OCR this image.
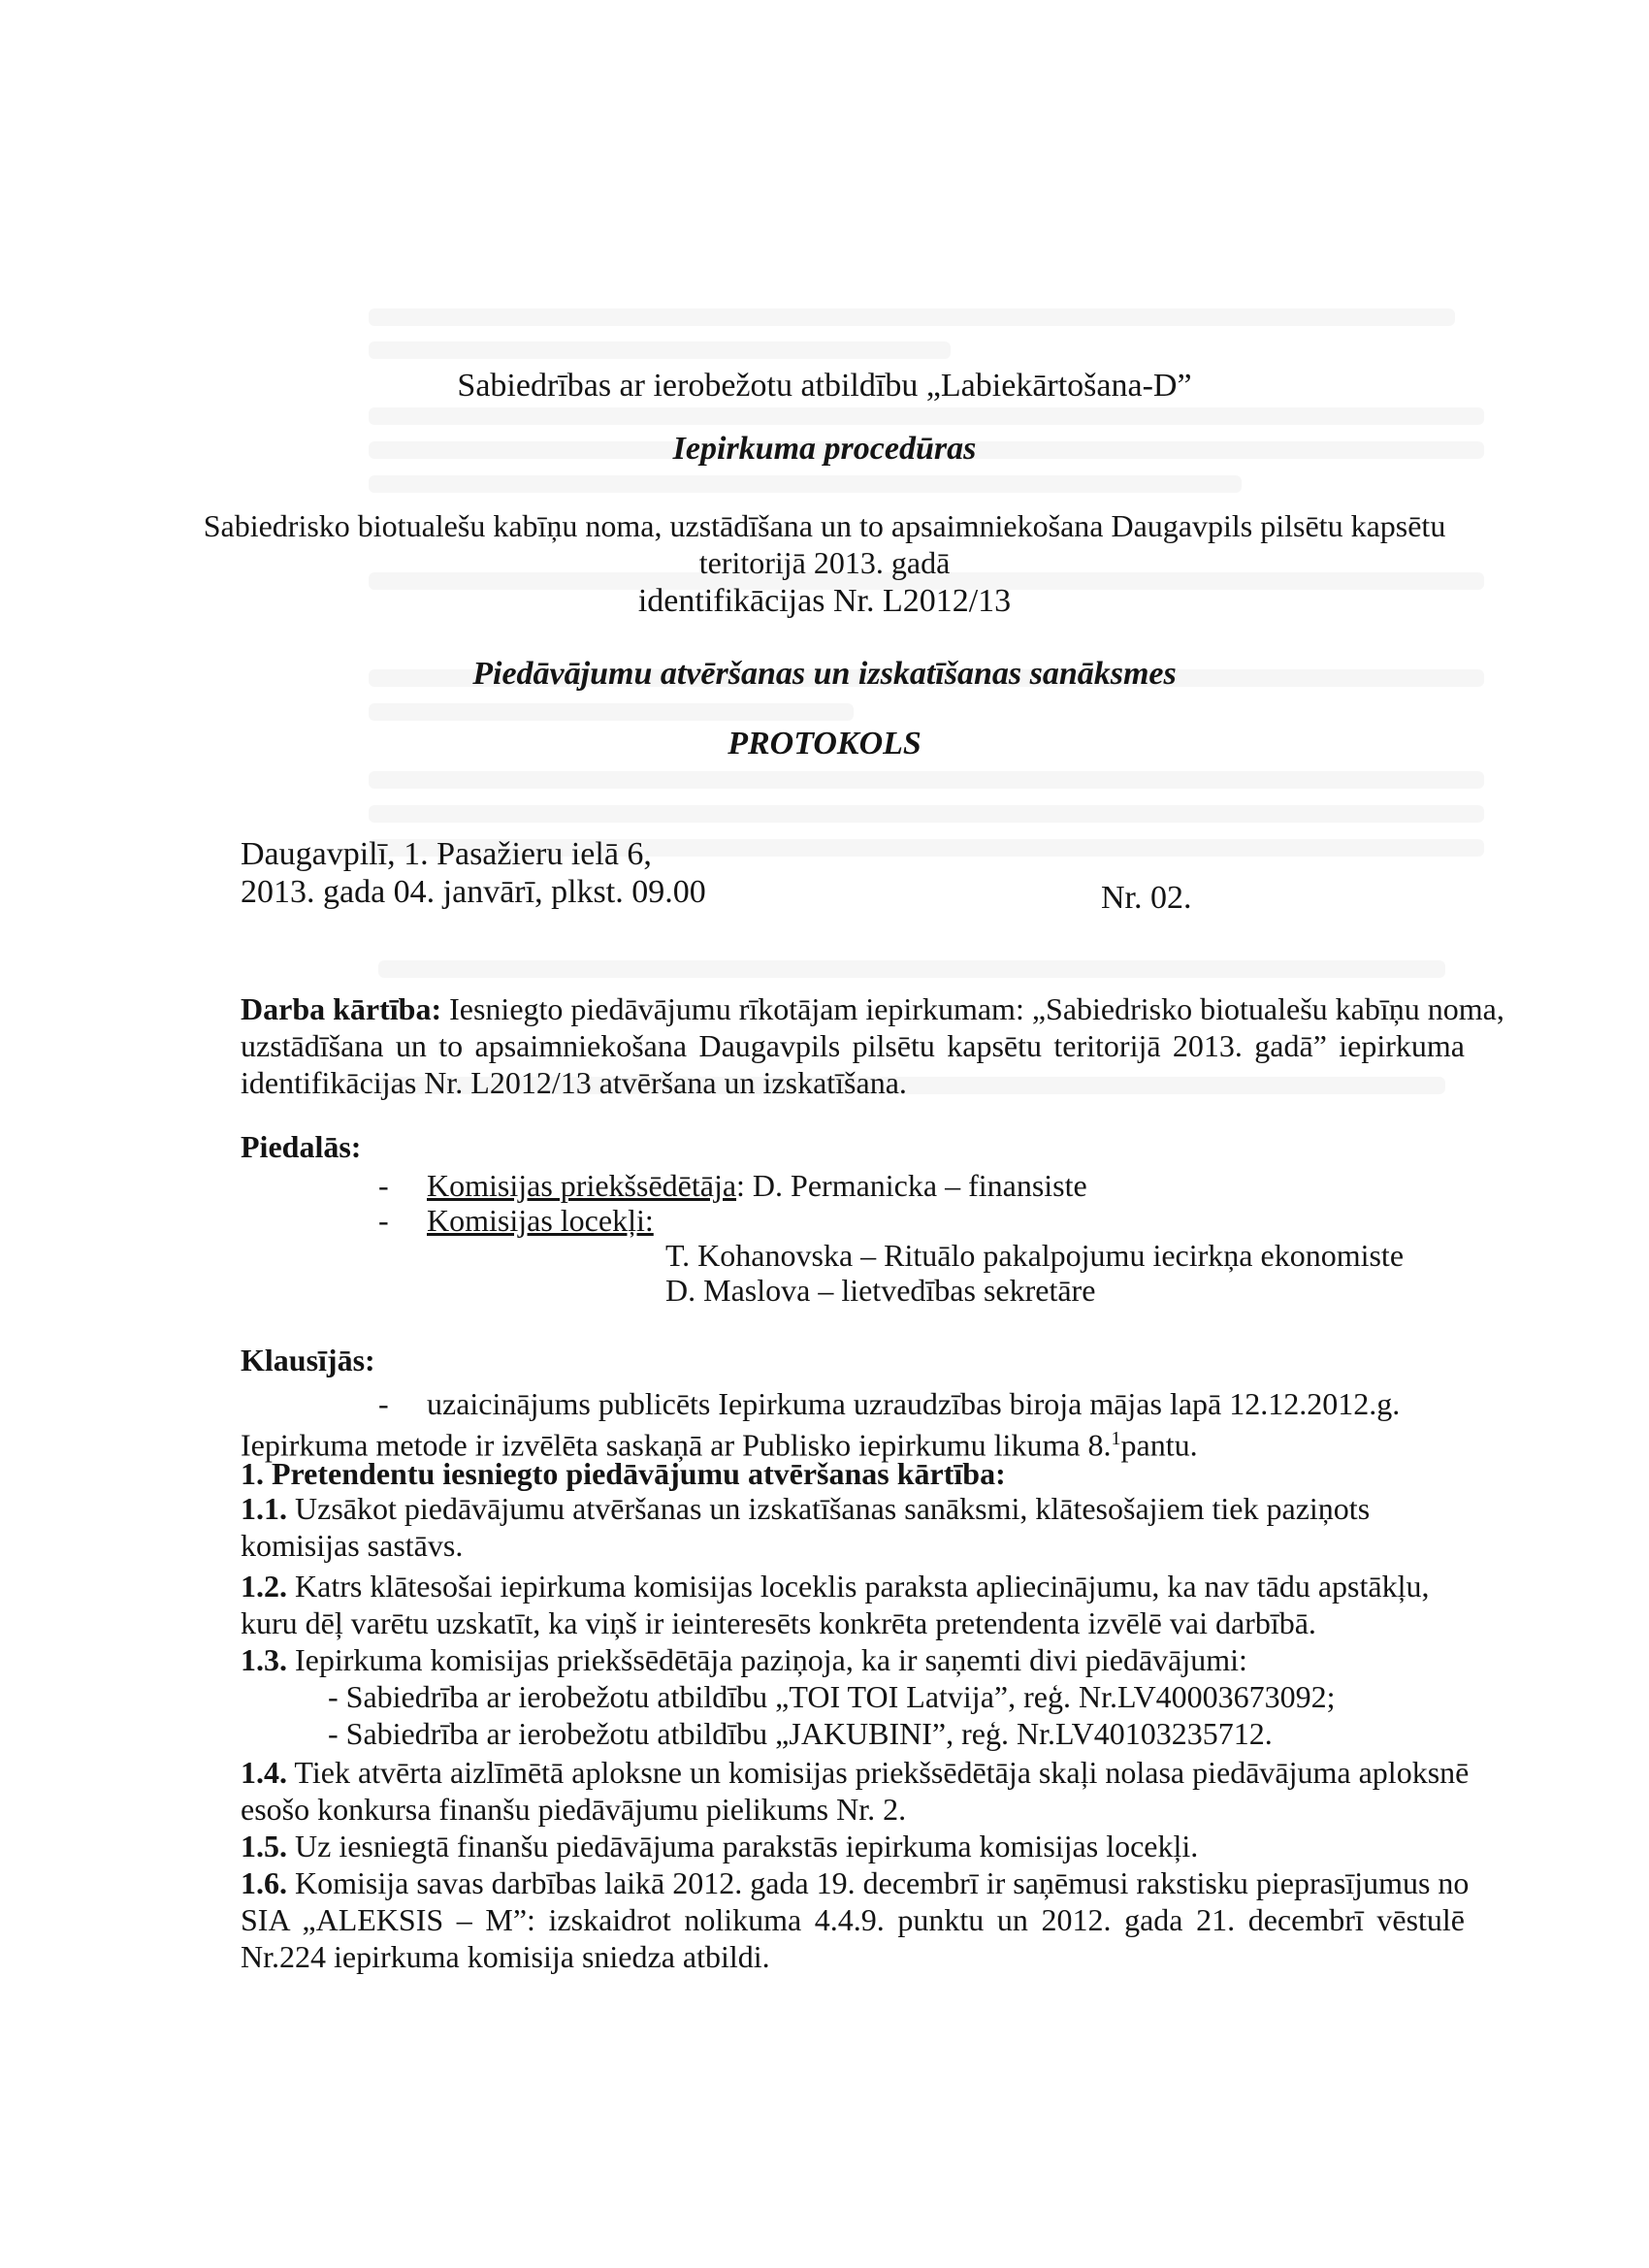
Sabiedrības ar ierobežotu atbildību „Labiekārtošana-D”
Iepirkuma procedūras
Sabiedrisko biotualešu kabīņu noma, uzstādīšana un to apsaimniekošana Daugavpils pilsētu kapsētu
teritorijā 2013. gadā
identifikācijas Nr. L2012/13
Piedāvājumu atvēršanas un izskatīšanas sanāksmes
PROTOKOLS
Daugavpilī, 1. Pasažieru ielā 6,
2013. gada 04. janvārī, plkst. 09.00	Nr. 02.
Darba kārtība: Iesniegto piedāvājumu rīkotājam iepirkumam: „Sabiedrisko biotualešu kabīņu noma,
uzstādīšana un to apsaimniekošana Daugavpils pilsētu kapsētu teritorijā 2013. gadā” iepirkuma
identifikācijas Nr. L2012/13 atvēršana un izskatīšana.
Piedalās:
- Komisijas priekšsēdētāja: D. Permanicka – finansiste
- Komisijas locekļi:
T. Kohanovska – Rituālo pakalpojumu iecirkņa ekonomiste
D. Maslova – lietvedības sekretāre
Klausījās:
- uzaicinājums publicēts Iepirkuma uzraudzības biroja mājas lapā 12.12.2012.g.
Iepirkuma metode ir izvēlēta saskaņā ar Publisko iepirkumu likuma 8.$^1$pantu.
1. Pretendentu iesniegto piedāvājumu atvēršanas kārtība:
1.1. Uzsākot piedāvājumu atvēršanas un izskatīšanas sanāksmi, klātesošajiem tiek paziņots
komisijas sastāvs.
1.2. Katrs klātesošai iepirkuma komisijas loceklis paraksta apliecinājumu, ka nav tādu apstākļu,
kuru dēļ varētu uzskatīt, ka viņš ir ieinteresēts konkrēta pretendenta izvēlē vai darbībā.
1.3. Iepirkuma komisijas priekšsēdētāja paziņoja, ka ir saņemti divi piedāvājumi:
- Sabiedrība ar ierobežotu atbildību „TOI TOI Latvija”, reģ. Nr.LV40003673092;
- Sabiedrība ar ierobežotu atbildību „JAKUBINI”, reģ. Nr.LV40103235712.
1.4. Tiek atvērta aizlīmētā aploksne un komisijas priekšsēdētāja skaļi nolasa piedāvājuma aploksnē
esošo konkursa finanšu piedāvājumu pielikums Nr. 2.
1.5. Uz iesniegtā finanšu piedāvājuma parakstās iepirkuma komisijas locekļi.
1.6. Komisija savas darbības laikā 2012. gada 19. decembrī ir saņēmusi rakstisku pieprasījumus no
SIA „ALEKSIS – M”: izskaidrot nolikuma 4.4.9. punktu un 2012. gada 21. decembrī vēstulē
Nr.224 iepirkuma komisija sniedza atbildi.
